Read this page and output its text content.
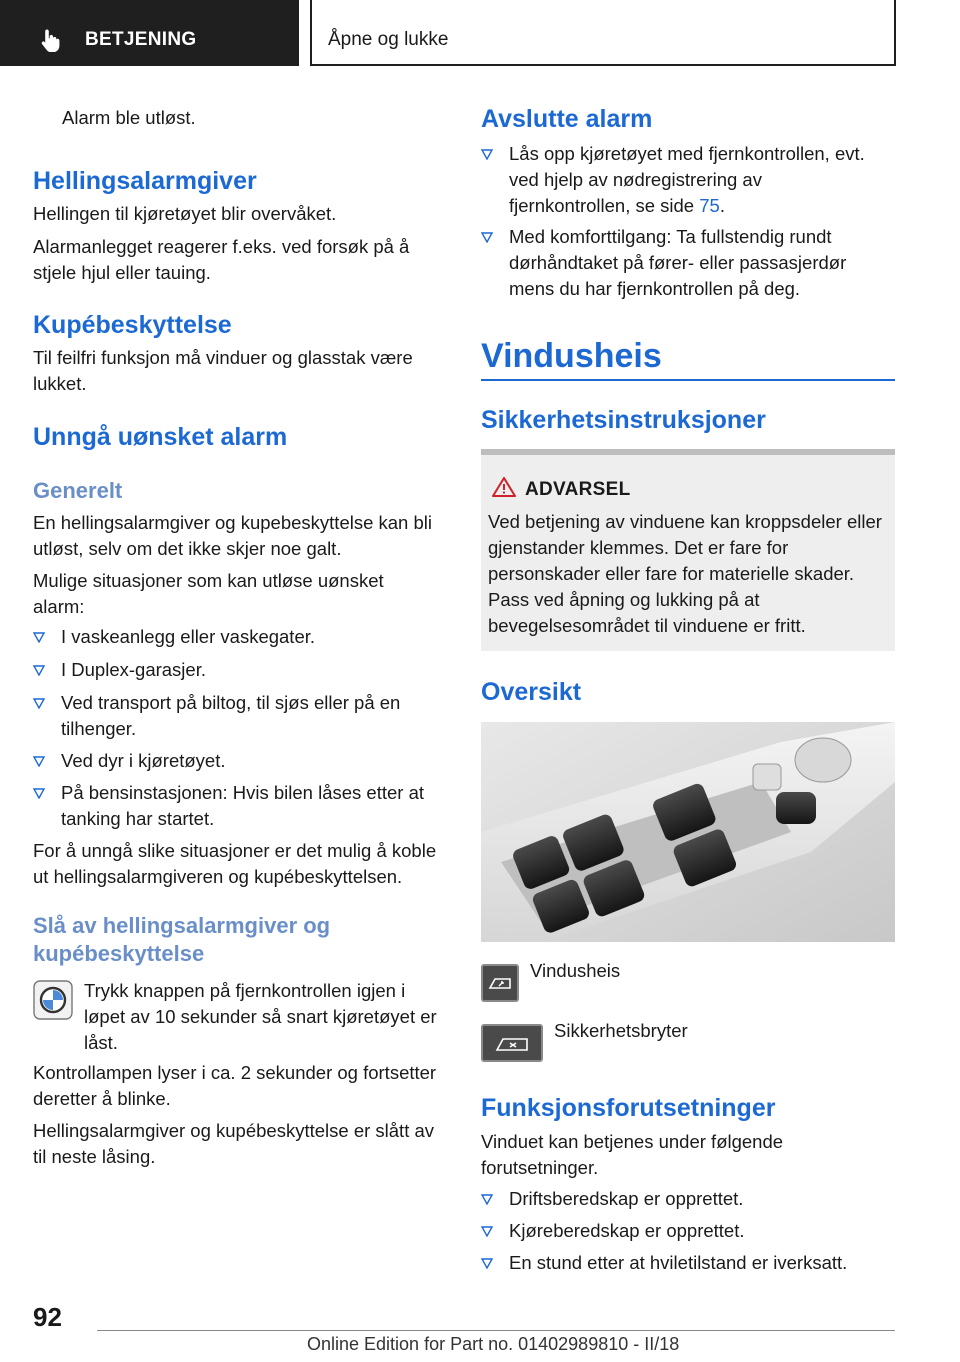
BETJENING	Åpne og lukke

Alarm ble utløst.

Hellingsalarmgiver

Hellingen til kjøretøyet blir overvåket.

Alarmanlegget reagerer f.eks. ved forsøk på å stjele hjul eller tauing.

Kupébeskyttelse

Til feilfri funksjon må vinduer og glasstak være lukket.

Unngå uønsket alarm
Generelt

En hellingsalarmgiver og kupebeskyttelse kan bli utløst, selv om det ikke skjer noe galt.

Mulige situasjoner som kan utløse uønsket alarm:

I vaskeanlegg eller vaskegater.
I Duplex-garasjer.
Ved transport på biltog, til sjøs eller på en tilhenger.
Ved dyr i kjøretøyet.
På bensinstasjonen: Hvis bilen låses etter at tanking har startet.

For å unngå slike situasjoner er det mulig å koble ut hellingsalarmgiveren og kupébeskyttelsen.

Slå av hellingsalarmgiver og kupébeskyttelse

Trykk knappen på fjernkontrollen igjen i løpet av 10 sekunder så snart kjøretøyet er låst.

Kontrollampen lyser i ca. 2 sekunder og fortsetter deretter å blinke.

Hellingsalarmgiver og kupébeskyttelse er slått av til neste låsing.

Avslutte alarm
Lås opp kjøretøyet med fjernkontrollen, evt. ved hjelp av nødregistrering av fjernkontrollen, se side 75.
Med komforttilgang: Ta fullstendig rundt dørhåndtaket på fører- eller passasjerdør mens du har fjernkontrollen på deg.
Vindusheis
Sikkerhetsinstruksjoner
ADVARSEL

Ved betjening av vinduene kan kroppsdeler eller gjenstander klemmes. Det er fare for personskader eller fare for materielle skader. Pass ved åpning og lukking på at bevegelsesområdet til vinduene er fritt.

Oversikt
Vindusheis
Sikkerhetsbryter
Funksjonsforutsetninger

Vinduet kan betjenes under følgende forutsetninger.

Driftsberedskap er opprettet.
Kjøreberedskap er opprettet.
En stund etter at hviletilstand er iverksatt.
92
Online Edition for Part no. 01402989810 - II/18
